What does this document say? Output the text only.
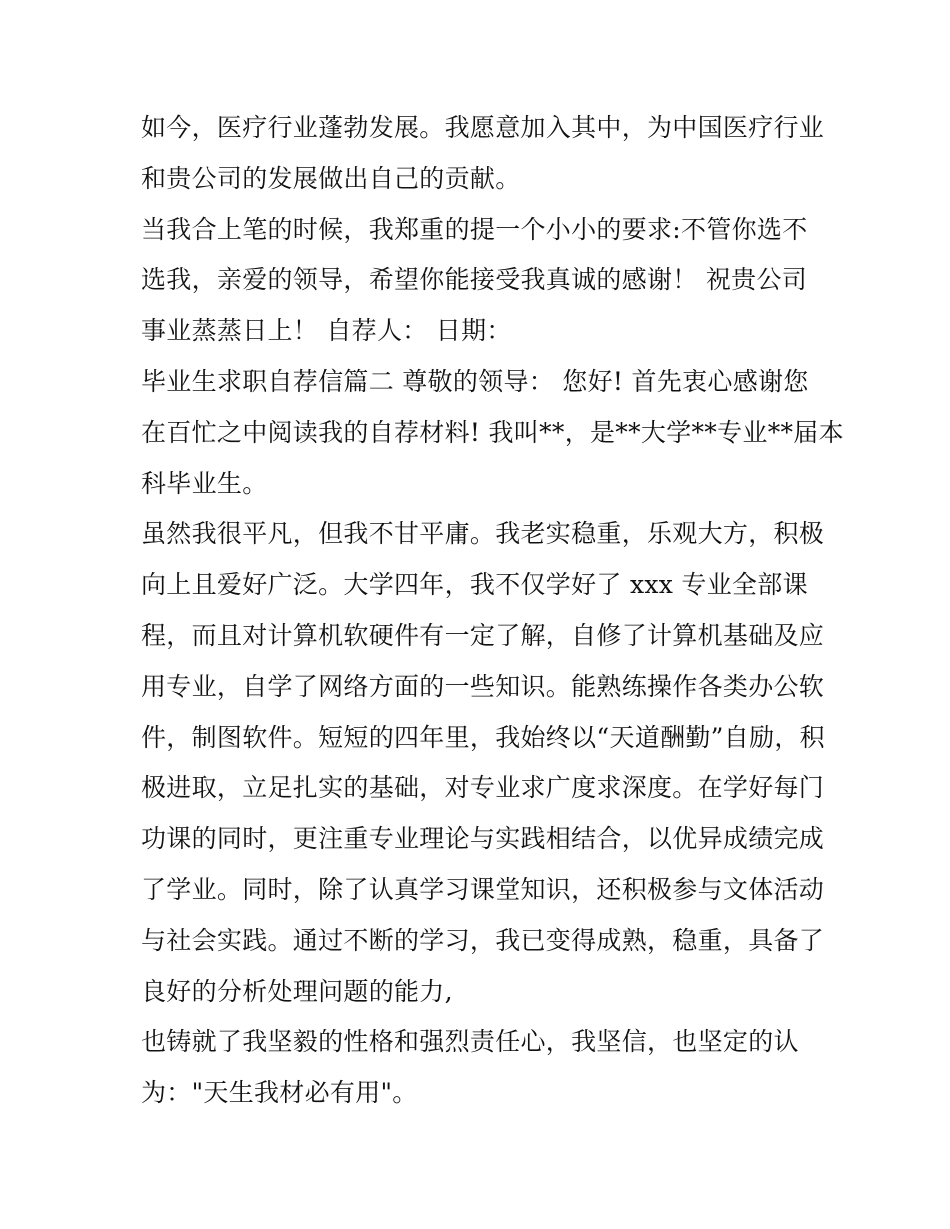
如今，医疗行业蓬勃发展。我愿意加入其中，为中国医疗行业
和贵公司的发展做出自己的贡献。
当我合上笔的时候，我郑重的提一个小小的要求:不管你选不
选我，亲爱的领导，希望你能接受我真诚的感谢！ 祝贵公司
事业蒸蒸日上！ 自荐人： 日期：
毕业生求职自荐信篇二 尊敬的领导： 您好! 首先衷心感谢您
在百忙之中阅读我的自荐材料! 我叫**，是**大学**专业**届本
科毕业生。
虽然我很平凡，但我不甘平庸。我老实稳重，乐观大方，积极
向上且爱好广泛。大学四年，我不仅学好了 xxx 专业全部课
程，而且对计算机软硬件有一定了解，自修了计算机基础及应
用专业，自学了网络方面的一些知识。能熟练操作各类办公软
件，制图软件。短短的四年里，我始终以“天道酬勤”自励，积
极进取，立足扎实的基础，对专业求广度求深度。在学好每门
功课的同时，更注重专业理论与实践相结合，以优异成绩完成
了学业。同时，除了认真学习课堂知识，还积极参与文体活动
与社会实践。通过不断的学习，我已变得成熟，稳重，具备了
良好的分析处理问题的能力,
也铸就了我坚毅的性格和强烈责任心，我坚信，也坚定的认
为："天生我材必有用"。
